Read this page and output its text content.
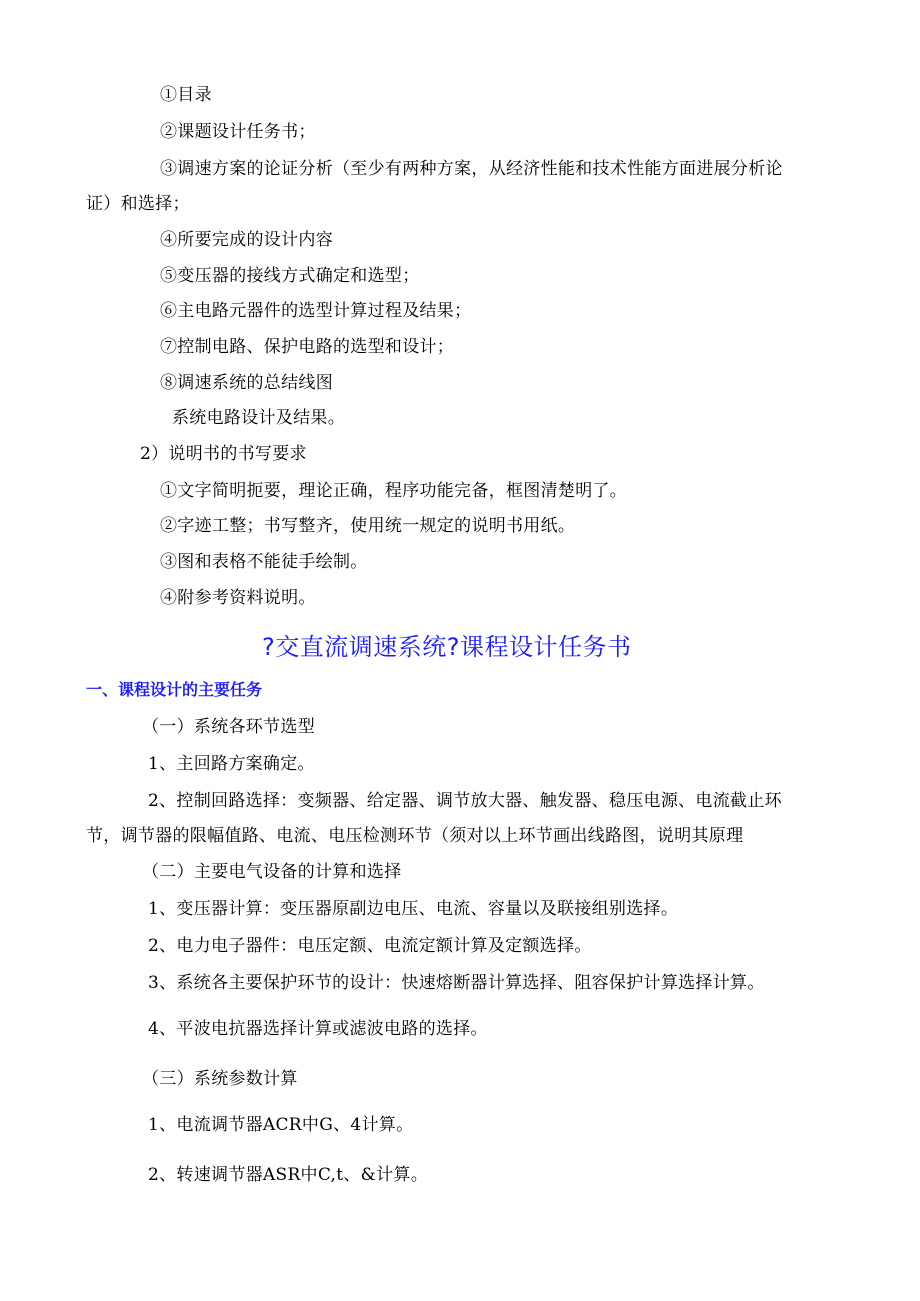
①目录
②课题设计任务书；
③调速方案的论证分析（至少有两种方案，从经济性能和技术性能方面进展分析论
证）和选择；
④所要完成的设计内容
⑤变压器的接线方式确定和选型；
⑥主电路元器件的选型计算过程及结果；
⑦控制电路、保护电路的选型和设计；
⑧调速系统的总结线图
系统电路设计及结果。
2）说明书的书写要求
①文字简明扼要，理论正确，程序功能完备，框图清楚明了。
②字迹工整；书写整齐，使用统一规定的说明书用纸。
③图和表格不能徒手绘制。
④附参考资料说明。
?交直流调速系统?课程设计任务书
一、课程设计的主要任务
（一）系统各环节选型
1、主回路方案确定。
2、控制回路选择：变频器、给定器、调节放大器、触发器、稳压电源、电流截止环
节，调节器的限幅值路、电流、电压检测环节（须对以上环节画出线路图，说明其原理
（二）主要电气设备的计算和选择
1、变压器计算：变压器原副边电压、电流、容量以及联接组别选择。
2、电力电子器件：电压定额、电流定额计算及定额选择。
3、系统各主要保护环节的设计：快速熔断器计算选择、阻容保护计算选择计算。
4、平波电抗器选择计算或滤波电路的选择。
（三）系统参数计算
1、电流调节器ACR中G、4计算。
2、转速调节器ASR中C,t、&计算。
